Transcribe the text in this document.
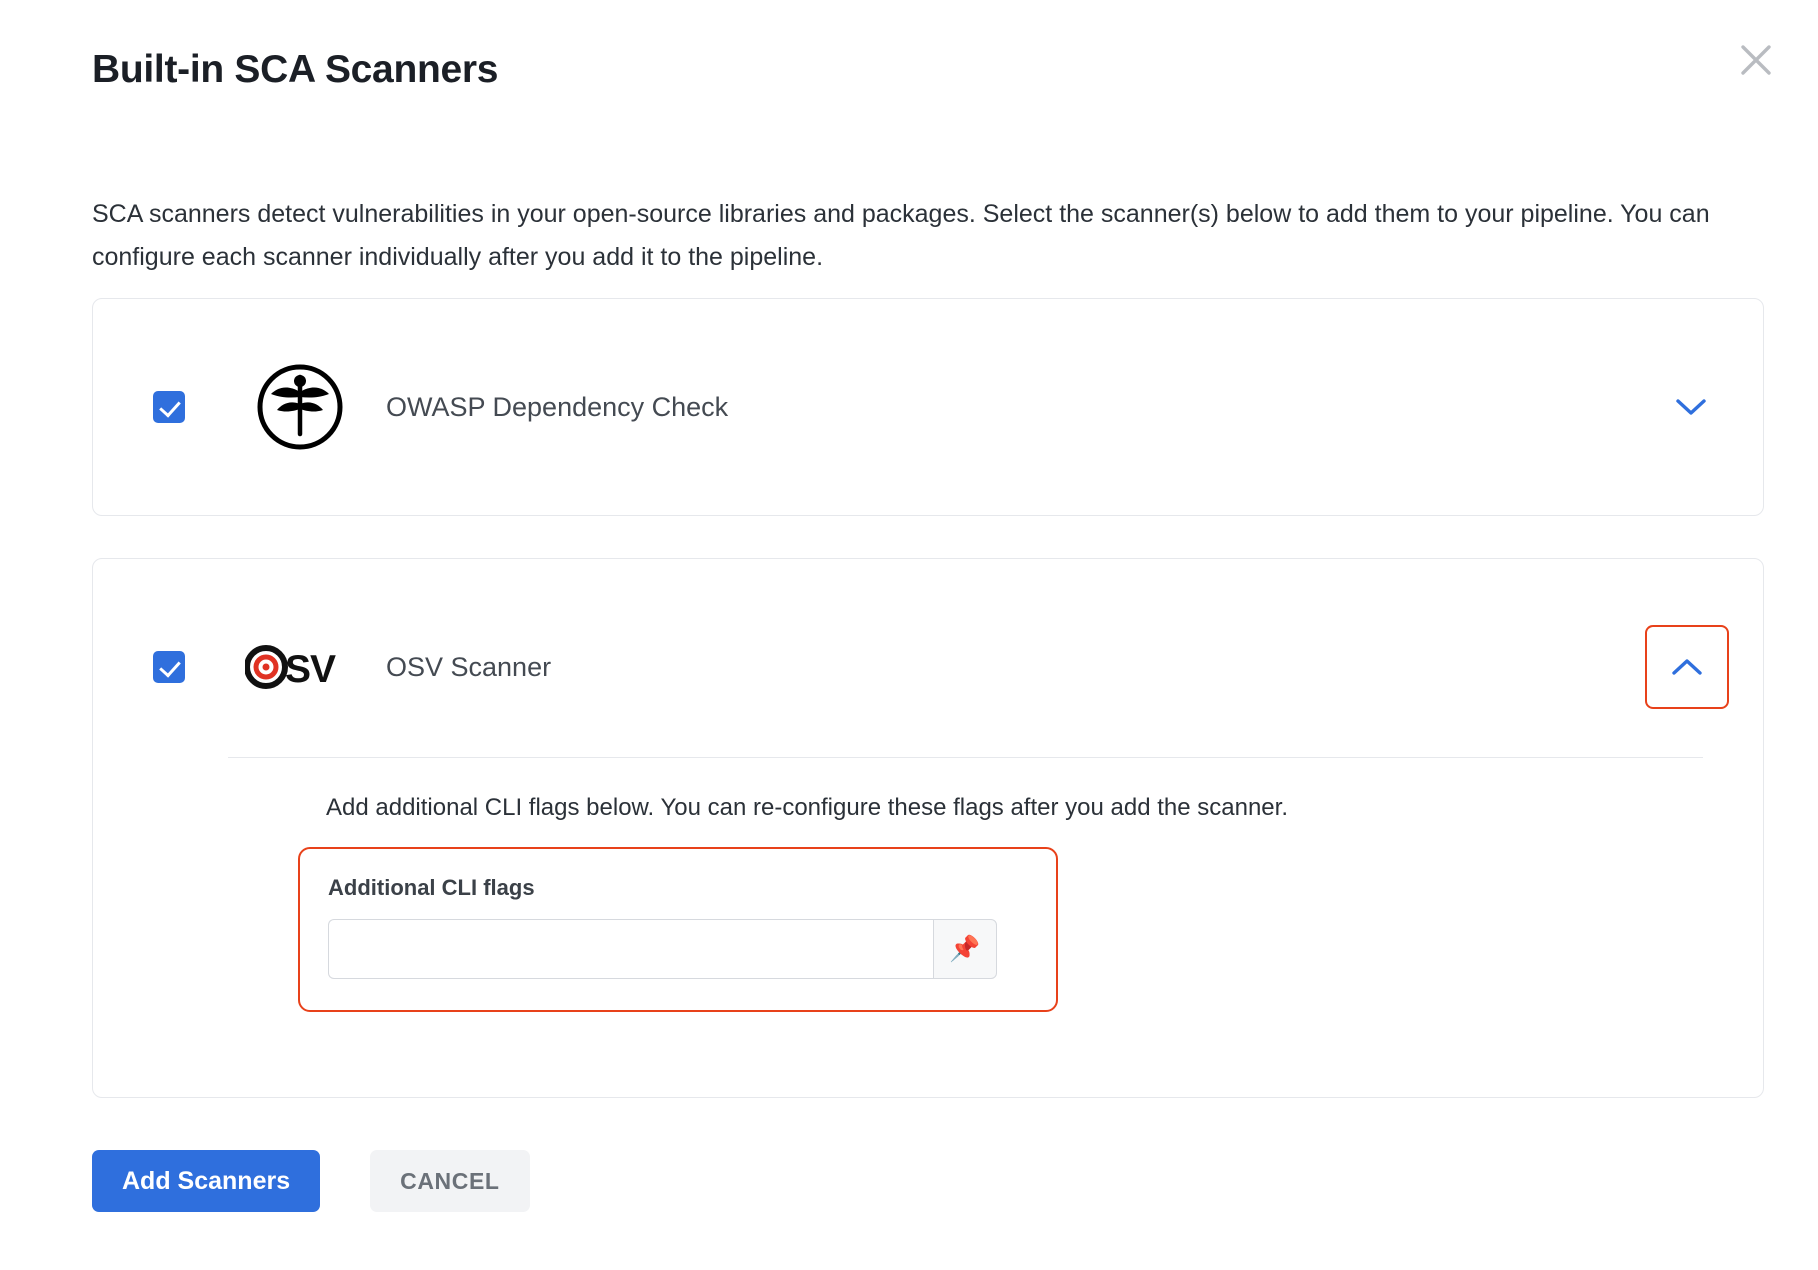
Built-in SCA Scanners

SCA scanners detect vulnerabilities in your open-source libraries and packages. Select the scanner(s) below to add them to your pipeline. You can configure each scanner individually after you add it to the pipeline.

OWASP Dependency Check
SV OSV Scanner
Add additional CLI flags below. You can re-configure these flags after you add the scanner.
Additional CLI flags
📌
Add Scanners	CANCEL
